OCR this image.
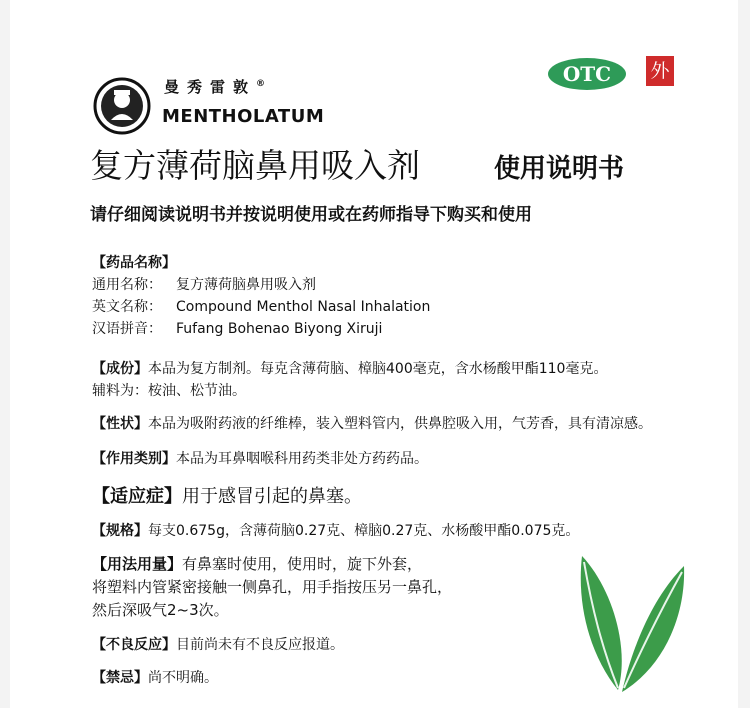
曼秀雷敦®
MENTHOLATUM
OTC	外
复方薄荷脑鼻用吸入剂	使用说明书
请仔细阅读说明书并按说明使用或在药师指导下购买和使用
【药品名称】
通用名称： 复方薄荷脑鼻用吸入剂
英文名称： Compound Menthol Nasal Inhalation
汉语拼音： Fufang Bohenao Biyong Xiruji
【成份】本品为复方制剂。每克含薄荷脑、樟脑400毫克，含水杨酸甲酯110毫克。
辅料为：桉油、松节油。
【性状】本品为吸附药液的纤维棒，装入塑料管内，供鼻腔吸入用，气芳香，具有清凉感。
【作用类别】本品为耳鼻咽喉科用药类非处方药药品。
【适应症】用于感冒引起的鼻塞。
【规格】每支0.675g，含薄荷脑0.27克、樟脑0.27克、水杨酸甲酯0.075克。
【用法用量】有鼻塞时使用，使用时，旋下外套，
将塑料内管紧密接触一侧鼻孔，用手指按压另一鼻孔，
然后深吸气2~3次。
【不良反应】目前尚未有不良反应报道。
【禁忌】尚不明确。
